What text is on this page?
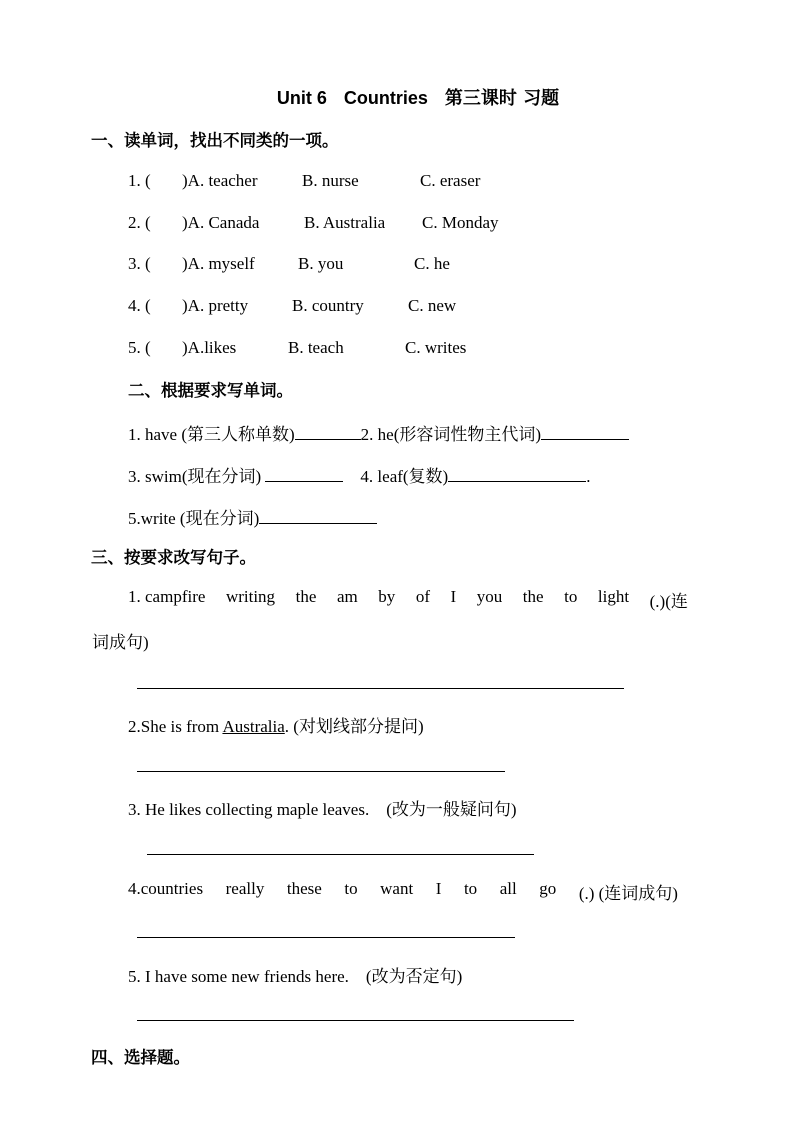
Unit 6 Countries 第三课时 习题
一、读单词，找出不同类的一项。
1. ( )A. teacher	B. nurse	C. eraser
2. ( )A. Canada	B. Australia C. Monday
3. ( )A. myself	B. you	C. he
4. ( )A. pretty	B. country	C. new
5. ( )A.likes	B. teach	C. writes
二、根据要求写单词。
1. have (第三人称单数)	2. he(形容词性物主代词)
3. swim(现在分词)	4. leaf(复数)	.
5.write (现在分词)
三、按要求改写句子。
1. campfire writing the am by of I you the to light (.)(连
词成句)
2.She is from Australia. (对划线部分提问)
3. He likes collecting maple leaves. (改为一般疑问句)
4.countries really these to want I to all go (.) (连词成句)
5. I have some new friends here. (改为否定句)
四、选择题。
